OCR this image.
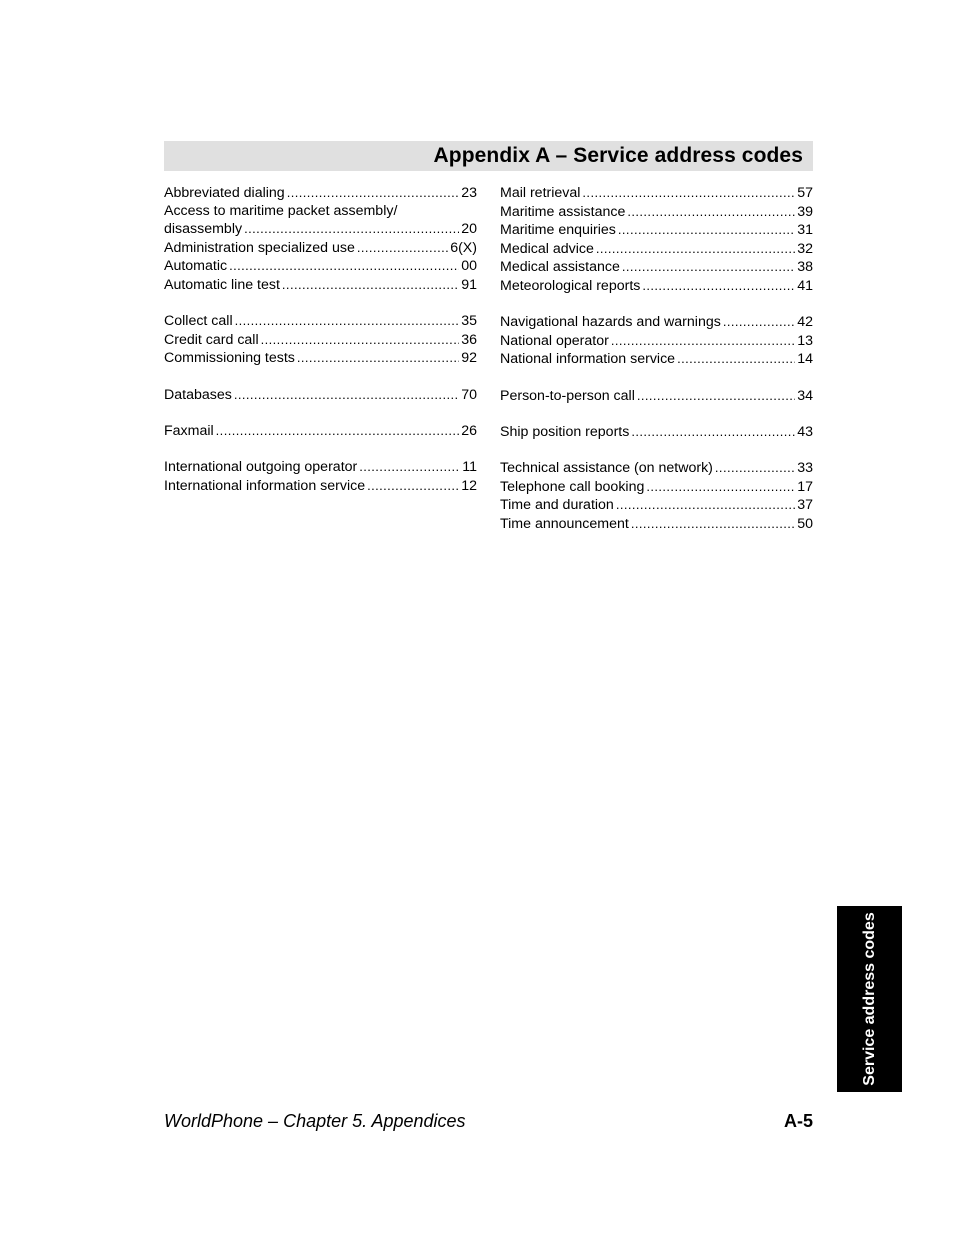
Appendix A – Service address codes
Abbreviated dialing .....	23
Access to maritime packet assembly/
disassembly .....	20
Administration specialized use .....	6(X)
Automatic .....	00
Automatic line test .....	91
Collect call .....	35
Credit card call .....	36
Commissioning tests .....	92
Databases .....	70
Faxmail .....	26
International outgoing operator .....	11
International information service .....	12
Mail retrieval .....	57
Maritime assistance .....	39
Maritime enquiries .....	31
Medical advice .....	32
Medical assistance .....	38
Meteorological reports .....	41
Navigational hazards and warnings .....	42
National operator .....	13
National information service .....	14
Person-to-person call .....	34
Ship position reports .....	43
Technical assistance (on network) .....	33
Telephone call booking .....	17
Time and duration .....	37
Time announcement .....	50
Service address codes
WorldPhone – Chapter 5. Appendices	A-5
